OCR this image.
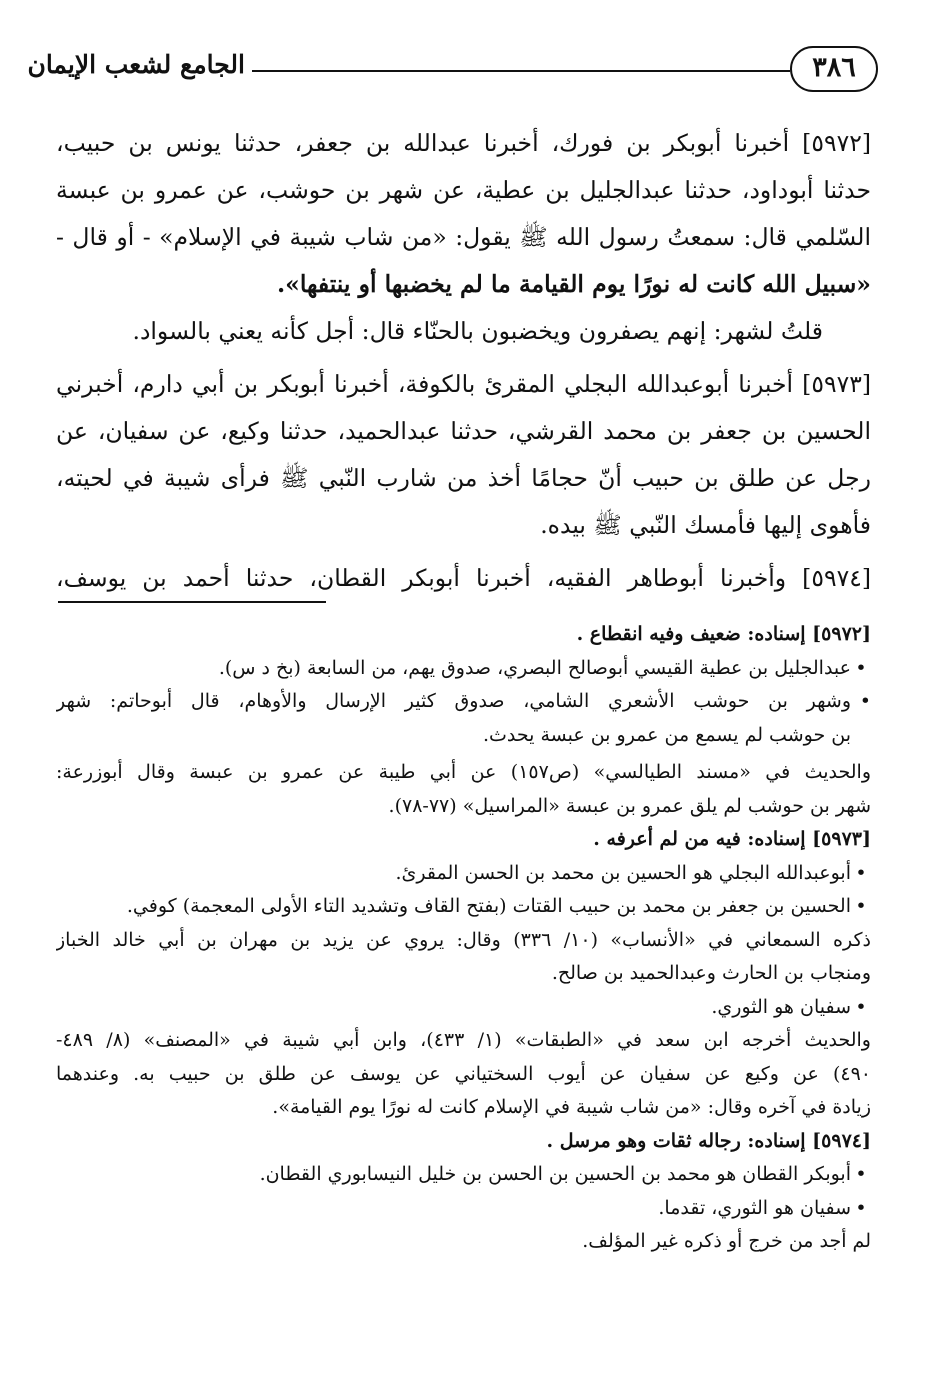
٣٨٦
الجامع لشعب الإيمان
[٥٩٧٢] أخبرنا أبوبكر بن فورك، أخبرنا عبدالله بن جعفر، حدثنا يونس بن حبيب،
حدثنا أبوداود، حدثنا عبدالجليل بن عطية، عن شهر بن حوشب، عن عمرو بن عبسة
السّلمي قال: سمعتُ رسول الله ﷺ يقول: «من شاب شيبة في الإسلام» - أو قال -
«سبيل الله كانت له نورًا يوم القيامة ما لم يخضبها أو ينتفها».
قلتُ لشهر: إنهم يصفرون ويخضبون بالحنّاء قال: أجل كأنه يعني بالسواد.
[٥٩٧٣] أخبرنا أبوعبدالله البجلي المقرئ بالكوفة، أخبرنا أبوبكر بن أبي دارم، أخبرني
الحسين بن جعفر بن محمد القرشي، حدثنا عبدالحميد، حدثنا وكيع، عن سفيان، عن
رجل عن طلق بن حبيب أنّ حجامًا أخذ من شارب النّبي ﷺ فرأى شيبة في لحيته،
فأهوى إليها فأمسك النّبي ﷺ بيده.
[٥٩٧٤] وأخبرنا أبوطاهر الفقيه، أخبرنا أبوبكر القطان، حدثنا أحمد بن يوسف،
[٥٩٧٢] إسناده: ضعيف وفيه انقطاع .
•عبدالجليل بن عطية القيسي أبوصالح البصري، صدوق يهم، من السابعة (بخ د س).
•وشهر بن حوشب الأشعري الشامي، صدوق كثير الإرسال والأوهام، قال أبوحاتم: شهر
بن حوشب لم يسمع من عمرو بن عبسة يحدث.
والحديث في «مسند الطيالسي» (ص١٥٧) عن أبي طيبة عن عمرو بن عبسة وقال أبوزرعة:
شهر بن حوشب لم يلق عمرو بن عبسة «المراسيل» (٧٧-٧٨).
[٥٩٧٣] إسناده: فيه من لم أعرفه .
•أبوعبدالله البجلي هو الحسين بن محمد بن الحسن المقرئ.
•الحسين بن جعفر بن محمد بن حبيب القتات (بفتح القاف وتشديد التاء الأولى المعجمة) كوفي.
ذكره السمعاني في «الأنساب» (١٠/ ٣٣٦) وقال: يروي عن يزيد بن مهران بن أبي خالد الخباز
ومنجاب بن الحارث وعبدالحميد بن صالح.
•سفيان هو الثوري.
والحديث أخرجه ابن سعد في «الطبقات» (١/ ٤٣٣)، وابن أبي شيبة في «المصنف» (٨/ ٤٨٩-
٤٩٠) عن وكيع عن سفيان عن أيوب السختياني عن يوسف عن طلق بن حبيب به. وعندهما
زيادة في آخره وقال: «من شاب شيبة في الإسلام كانت له نورًا يوم القيامة».
[٥٩٧٤] إسناده: رجاله ثقات وهو مرسل .
•أبوبكر القطان هو محمد بن الحسين بن الحسن بن خليل النيسابوري القطان.
•سفيان هو الثوري، تقدما.
لم أجد من خرج أو ذكره غير المؤلف.
